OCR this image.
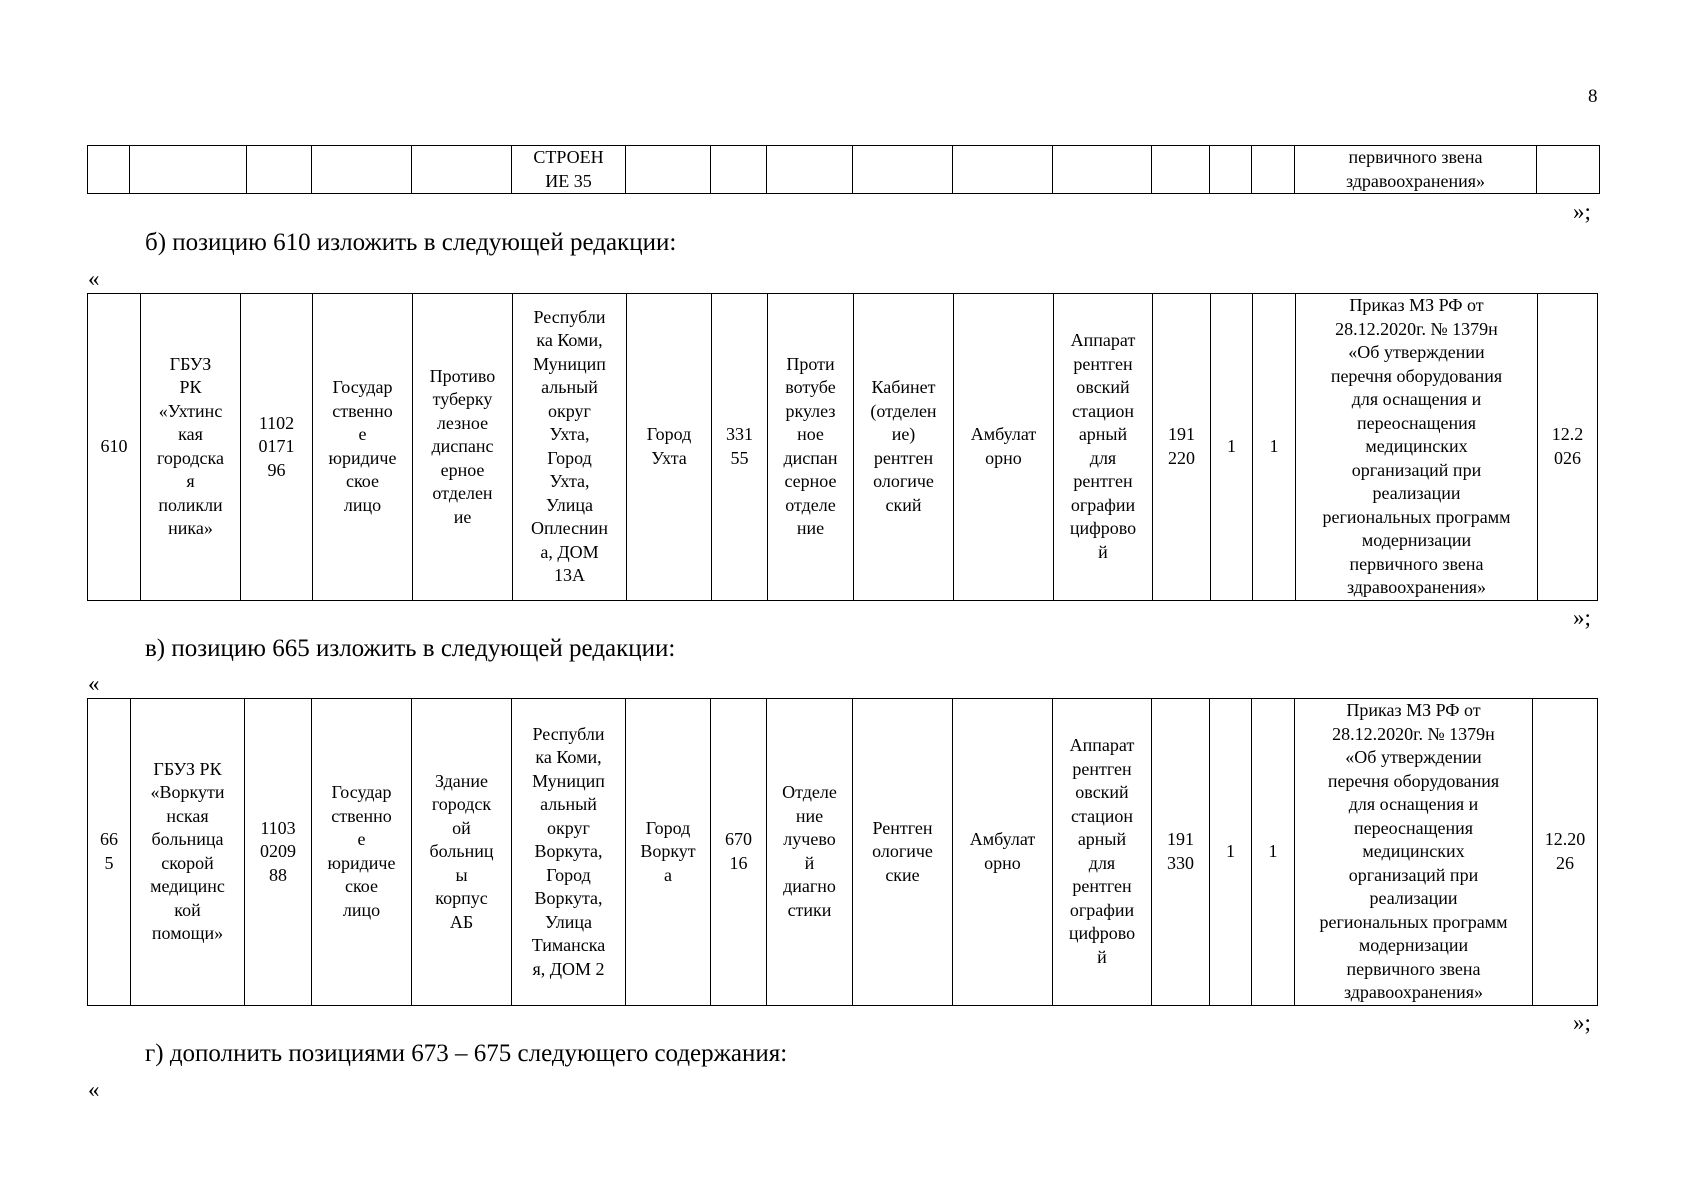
8
					СТРОЕН
ИЕ 35										первичного звена
здравоохранения»	
»;
б) позицию 610 изложить в следующей редакции:
«
610	ГБУЗ
РК
«Ухтинс
кая
городска
я
поликли
ника»	1102
0171
96	Государ
ственно
е
юридиче
ское
лицо	Противо
туберку
лезное
диспанс
ерное
отделен
ие	Республи
ка Коми,
Муницип
альный
округ
Ухта,
Город
Ухта,
Улица
Оплеснин
а, ДОМ
13А	Город
Ухта	331
55	Проти
вотубе
ркулез
ное
диспан
серное
отделе
ние	Кабинет
(отделен
ие)
рентген
ологиче
ский	Амбулат
орно	Аппарат
рентген
овский
стацион
арный
для
рентген
ографии
цифрово
й	191
220	1	1	Приказ МЗ РФ от
28.12.2020г. № 1379н
«Об утверждении
перечня оборудования
для оснащения и
переоснащения
медицинских
организаций при
реализации
региональных программ
модернизации
первичного звена
здравоохранения»	12.2
026
»;
в) позицию 665 изложить в следующей редакции:
«
66
5	ГБУЗ РК
«Воркути
нская
больница
скорой
медицинс
кой
помощи»	1103
0209
88	Государ
ственно
е
юридиче
ское
лицо	Здание
городск
ой
больниц
ы
корпус
АБ	Республи
ка Коми,
Муницип
альный
округ
Воркута,
Город
Воркута,
Улица
Тиманска
я, ДОМ 2	Город
Воркут
а	670
16	Отделе
ние
лучево
й
диагно
стики	Рентген
ологиче
ские	Амбулат
орно	Аппарат
рентген
овский
стацион
арный
для
рентген
ографии
цифрово
й	191
330	1	1	Приказ МЗ РФ от
28.12.2020г. № 1379н
«Об утверждении
перечня оборудования
для оснащения и
переоснащения
медицинских
организаций при
реализации
региональных программ
модернизации
первичного звена
здравоохранения»	12.20
26
»;
г) дополнить позициями 673 – 675 следующего содержания:
«
